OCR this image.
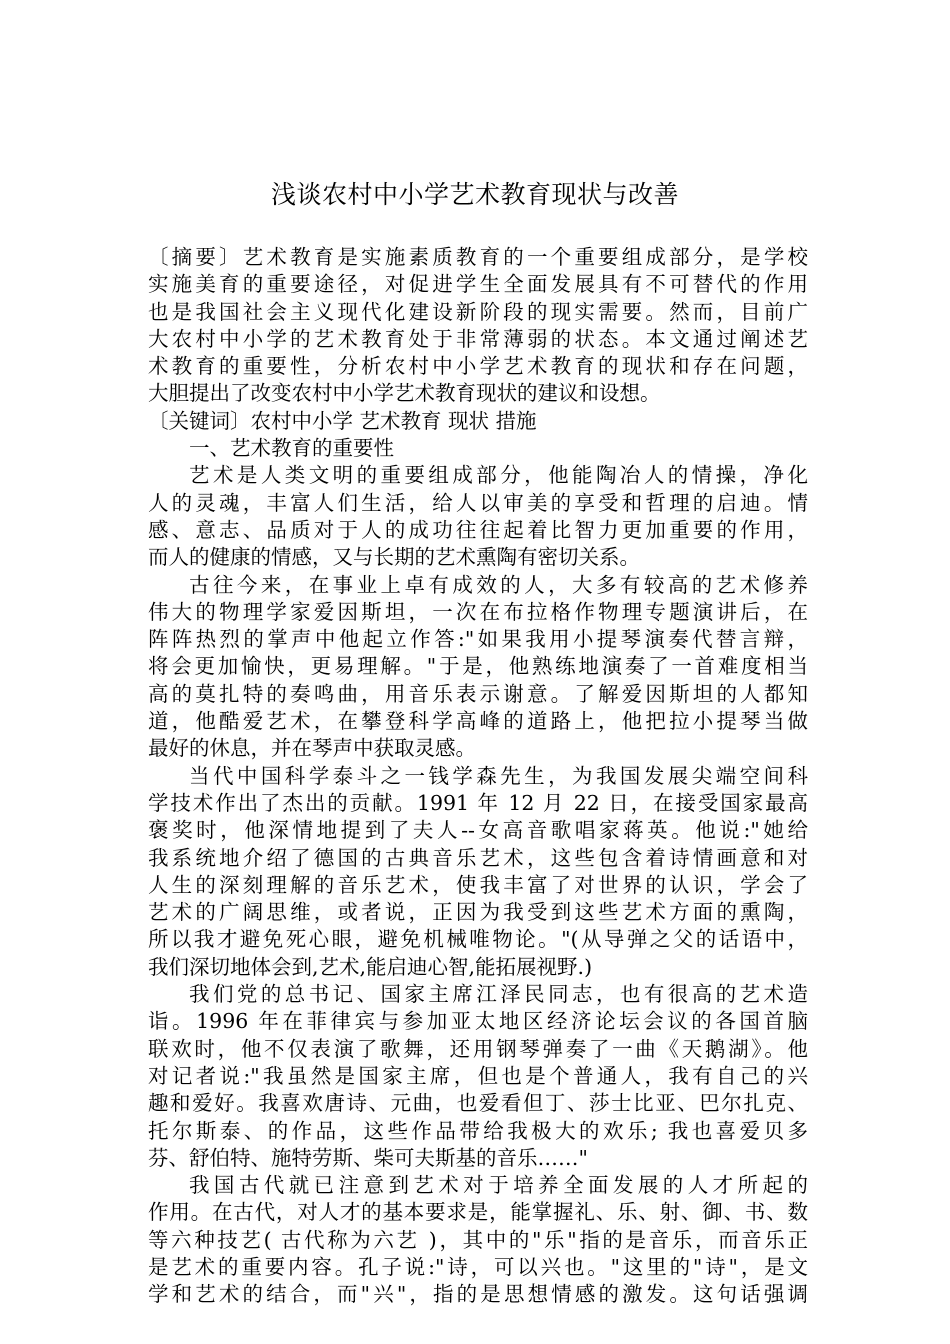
浅谈农村中小学艺术教育现状与改善
〔摘要〕艺术教育是实施素质教育的一个重要组成部分，是学校
实施美育的重要途径，对促进学生全面发展具有不可替代的作用
也是我国社会主义现代化建设新阶段的现实需要。然而，目前广
大农村中小学的艺术教育处于非常薄弱的状态。本文通过阐述艺
术教育的重要性，分析农村中小学艺术教育的现状和存在问题，
大胆提出了改变农村中小学艺术教育现状的建议和设想。
〔关键词〕农村中小学 艺术教育 现状 措施
一、艺术教育的重要性
艺术是人类文明的重要组成部分，他能陶冶人的情操，净化
人的灵魂，丰富人们生活，给人以审美的享受和哲理的启迪。情
感、意志、品质对于人的成功往往起着比智力更加重要的作用，
而人的健康的情感，又与长期的艺术熏陶有密切关系。
古往今来，在事业上卓有成效的人，大多有较高的艺术修养
伟大的物理学家爱因斯坦，一次在布拉格作物理专题演讲后，在
阵阵热烈的掌声中他起立作答:"如果我用小提琴演奏代替言辩，
将会更加愉快，更易理解。"于是，他熟练地演奏了一首难度相当
高的莫扎特的奏鸣曲，用音乐表示谢意。了解爱因斯坦的人都知
道，他酷爱艺术，在攀登科学高峰的道路上，他把拉小提琴当做
最好的休息，并在琴声中获取灵感。
当代中国科学泰斗之一钱学森先生，为我国发展尖端空间科
学技术作出了杰出的贡献。1991 年 12 月 22 日，在接受国家最高
褒奖时，他深情地提到了夫人--女高音歌唱家蒋英。他说:"她给
我系统地介绍了德国的古典音乐艺术，这些包含着诗情画意和对
人生的深刻理解的音乐艺术，使我丰富了对世界的认识，学会了
艺术的广阔思维，或者说，正因为我受到这些艺术方面的熏陶，
所以我才避免死心眼，避免机械唯物论。"(从导弹之父的话语中，
我们深切地体会到,艺术,能启迪心智,能拓展视野.)
我们党的总书记、国家主席江泽民同志，也有很高的艺术造
诣。1996 年在菲律宾与参加亚太地区经济论坛会议的各国首脑
联欢时，他不仅表演了歌舞，还用钢琴弹奏了一曲《天鹅湖》。他
对记者说:"我虽然是国家主席，但也是个普通人，我有自己的兴
趣和爱好。我喜欢唐诗、元曲，也爱看但丁、莎士比亚、巴尔扎克、
托尔斯泰、的作品，这些作品带给我极大的欢乐; 我也喜爱贝多
芬、舒伯特、施特劳斯、柴可夫斯基的音乐……"
我国古代就已注意到艺术对于培养全面发展的人才所起的
作用。在古代，对人才的基本要求是，能掌握礼、乐、射、御、书、数
等六种技艺( 古代称为六艺 )，其中的"乐"指的是音乐，而音乐正
是艺术的重要内容。孔子说:"诗，可以兴也。"这里的"诗"，是文
学和艺术的结合，而"兴"，指的是思想情感的激发。这句话强调
